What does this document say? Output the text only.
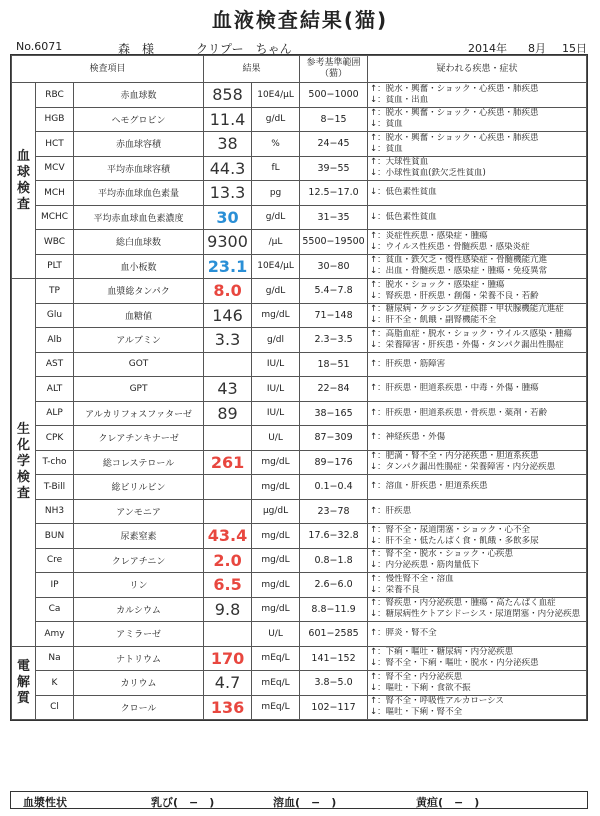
血液検査結果(猫)
No.6071	森　様	クリプー　ちゃん	2014年 8月 15日
検査項目			結果		参考基準範囲
（猫）	疑われる疾患・症状
血球検査	RBC	赤血球数	858	10E4/μL	500−1000	↑：脱水・興奮・ショック・心疾患・肺疾患
↓：貧血・出血

	HGB	ヘモグロビン	11.4	g/dL	8−15	↑：脱水・興奮・ショック・心疾患・肺疾患
↓：貧血

	HCT	赤血球容積	38	%	24−45	↑：脱水・興奮・ショック・心疾患・肺疾患
↓：貧血

	MCV	平均赤血球容積	44.3	fL	39−55	↑：大球性貧血
↓：小球性貧血(鉄欠乏性貧血)

	MCH	平均赤血球血色素量	13.3	pg	12.5−17.0	↓：低色素性貧血

	MCHC	平均赤血球血色素濃度	30	g/dL	31−35	↓：低色素性貧血

	WBC	総白血球数	9300	/μL	5500−19500	↑：炎症性疾患・感染症・腫瘍
↓：ウイルス性疾患・骨髄疾患・感染炎症

	PLT	血小板数	23.1	10E4/μL	30−80	↑：貧血・鉄欠乏・慢性感染症・骨髄機能亢進
↓：出血・骨髄疾患・感染症・腫瘍・免疫異常

生化学検査	TP	血漿総タンパク	8.0	g/dL	5.4−7.8	↑：脱水・ショック・感染症・腫瘍
↓：腎疾患・肝疾患・創傷・栄養不良・若齢

	Glu	血糖値	146	mg/dL	71−148	↑：糖尿病・クッシング症候群・甲状腺機能亢進症
↓：肝不全・飢餓・副腎機能不全

	Alb	アルブミン	3.3	g/dl	2.3−3.5	↑：高脂血症・脱水・ショック・ウイルス感染・腫瘍
↓：栄養障害・肝疾患・外傷・タンパク漏出性腸症

	AST	GOT		IU/L	18−51	↑：肝疾患・筋障害

	ALT	GPT	43	IU/L	22−84	↑：肝疾患・胆道系疾患・中毒・外傷・腫瘍

	ALP	アルカリフォスファターゼ	89	IU/L	38−165	↑：肝疾患・胆道系疾患・骨疾患・薬剤・若齢

	CPK	クレアチンキナーゼ		U/L	87−309	↑：神経疾患・外傷

	T-cho	総コレステロール	261	mg/dL	89−176	↑：肥満・腎不全・内分泌疾患・胆道系疾患
↓：タンパク漏出性腸症・栄養障害・内分泌疾患

	T-Bill	総ビリルビン		mg/dL	0.1−0.4	↑：溶血・肝疾患・胆道系疾患

	NH3	アンモニア		μg/dL	23−78	↑：肝疾患

	BUN	尿素窒素	43.4	mg/dL	17.6−32.8	↑：腎不全・尿道閉塞・ショック・心不全
↓：肝不全・低たんぱく食・飢餓・多飲多尿

	Cre	クレアチニン	2.0	mg/dL	0.8−1.8	↑：腎不全・脱水・ショック・心疾患
↓：内分泌疾患・筋肉量低下

	IP	リン	6.5	mg/dL	2.6−6.0	↑：慢性腎不全・溶血
↓：栄養不良

	Ca	カルシウム	9.8	mg/dL	8.8−11.9	↑：腎疾患・内分泌疾患・腫瘍・高たんぱく血症
↓：糖尿病性ケトアシドーシス・尿道閉塞・内分泌疾患

	Amy	アミラーゼ		U/L	601−2585	↑：膵炎・腎不全

電解質	Na	ナトリウム	170	mEq/L	141−152	↑：下痢・嘔吐・糖尿病・内分泌疾患
↓：腎不全・下痢・嘔吐・脱水・内分泌疾患

	K	カリウム	4.7	mEq/L	3.8−5.0	↑：腎不全・内分泌疾患
↓：嘔吐・下痢・食欲不振

	Cl	クロール	136	mEq/L	102−117	↑：腎不全・呼吸性アルカローシス
↓：嘔吐・下痢・腎不全
血漿性状	乳び(　−　)	溶血(　−　)	黄疸(　−　)
